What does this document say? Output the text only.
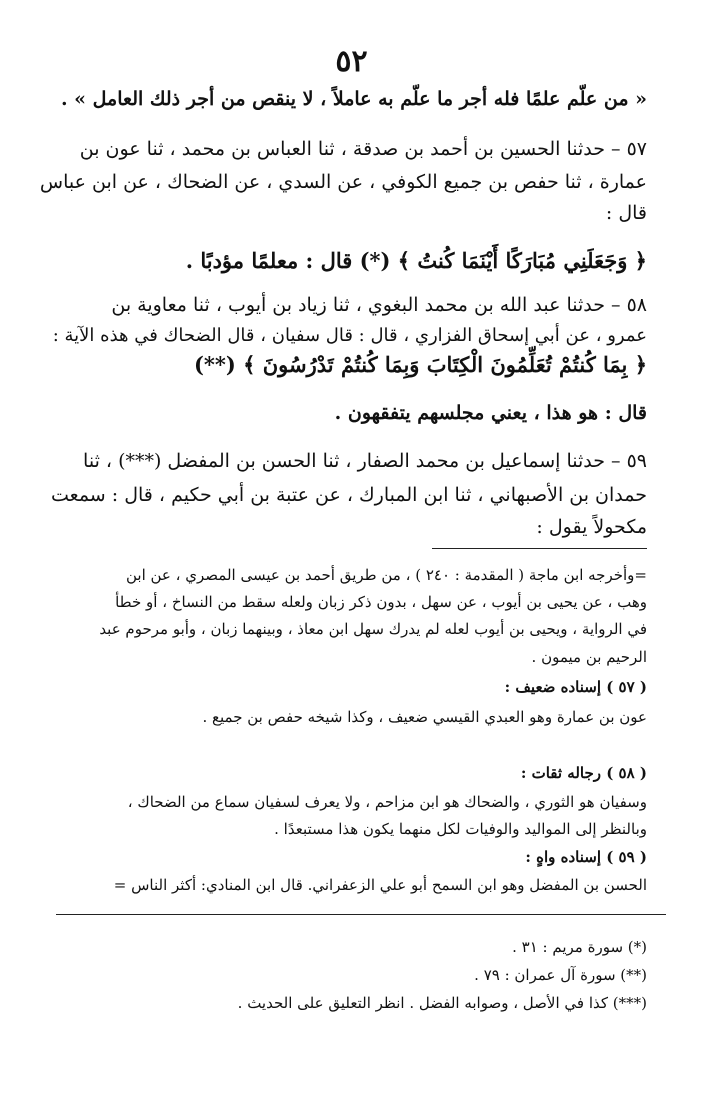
٥٢
« من علّم علمًا فله أجر ما علّم به عاملاً ، لا ينقص من أجر ذلك العامل » .
٥٧ – حدثنا الحسين بن أحمد بن صدقة ، ثنا العباس بن محمد ، ثنا عون بن
عمارة ، ثنا حفص بن جميع الكوفي ، عن السدي ، عن الضحاك ، عن ابن عباس
قال :
﴿ وَجَعَلَنِي مُبَارَكًا أَيْنَمَا كُنتُ ﴾ (*) قال : معلمًا مؤدبًا .
٥٨ – حدثنا عبد الله بن محمد البغوي ، ثنا زياد بن أيوب ، ثنا معاوية بن
عمرو ، عن أبي إسحاق الفزاري ، قال : قال سفيان ، قال الضحاك في هذه الآية :
﴿ بِمَا كُنتُمْ تُعَلِّمُونَ الْكِتَابَ وَبِمَا كُنتُمْ تَدْرُسُونَ ﴾ (**)
قال : هو هذا ، يعني مجلسهم يتفقهون .
٥٩ – حدثنا إسماعيل بن محمد الصفار ، ثنا الحسن بن المفضل (***) ، ثنا
حمدان بن الأصبهاني ، ثنا ابن المبارك ، عن عتبة بن أبي حكيم ، قال : سمعت
مكحولاً يقول :
=وأخرجه ابن ماجة ( المقدمة : ٢٤٠ ) ، من طريق أحمد بن عيسى المصري ، عن ابن
وهب ، عن يحيى بن أيوب ، عن سهل ، بدون ذكر زبان ولعله سقط من النساخ ، أو خطأ
في الرواية ، ويحيى بن أيوب لعله لم يدرك سهل ابن معاذ ، وبينهما زبان ، وأبو مرحوم عبد
الرحيم بن ميمون .
( ٥٧ ) إسناده ضعيف :
عون بن عمارة وهو العبدي القيسي ضعيف ، وكذا شيخه حفص بن جميع .
( ٥٨ ) رجاله ثقات :
وسفيان هو الثوري ، والضحاك هو ابن مزاحم ، ولا يعرف لسفيان سماع من الضحاك ،
وبالنظر إلى المواليد والوفيات لكل منهما يكون هذا مستبعدًا .
( ٥٩ ) إسناده واهٍ :
الحسن بن المفضل وهو ابن السمح أبو علي الزعفراني. قال ابن المنادي: أكثر الناس =
(*) سورة مريم : ٣١ .
(**) سورة آل عمران : ٧٩ .
(***) كذا في الأصل ، وصوابه الفضل . انظر التعليق على الحديث .
